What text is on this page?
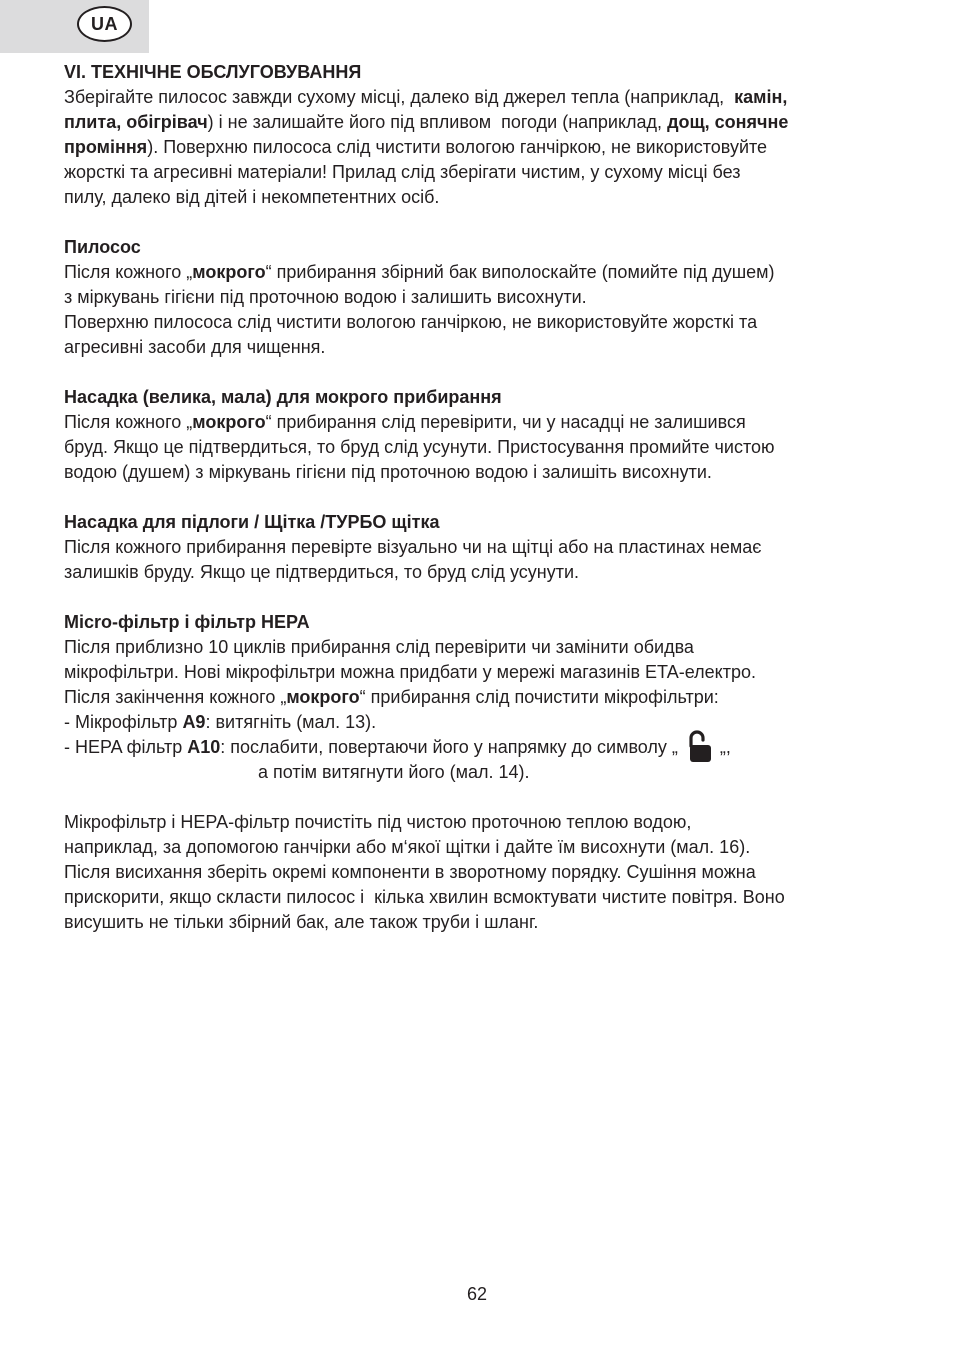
UA
VI. ТЕХНІЧНЕ ОБСЛУГОВУВАННЯ
Зберігайте пилосос завжди сухому місці, далеко від джерел тепла (наприклад,  камін,
плита, обігрівач) і не залишайте його під впливом  погоди (наприклад, дощ, сонячне
проміння). Поверхню пилососа слід чистити вологою ганчіркою, не використовуйте
жорсткі та агресивні матеріали! Прилад слід зберігати чистим, у сухому місці без
пилу, далеко від дітей і некомпетентних осіб.
Пилосос
Після кожного „мокрого“ прибирання збірний бак виполоскайте (помийте під душем)
з міркувань гігієни під проточною водою і залишить висохнути.
Поверхню пилососа слід чистити вологою ганчіркою, не використовуйте жорсткі та
агресивні засоби для чищення.
Насадка (велика, мала) для мокрого прибирання
Після кожного „мокрого“ прибирання слід перевірити, чи у насадці не залишився
бруд. Якщо це підтвердиться, то бруд слід усунути. Пристосування промийте чистою
водою (душем) з міркувань гігієни під проточною водою і залишіть висохнути.
Насадка для підлоги / Щітка /ТУРБО щітка
Після кожного прибирання перевірте візуально чи на щітці або на пластинах немає
залишків бруду. Якщо це підтвердиться, то бруд слід усунути.
Micro-фільтр і фільтр HEPA
Після приблизно 10 циклів прибирання слід перевірити чи замінити обидва
мікрофільтри. Нові мікрофільтри можна придбати у мережі магазинів ETA-електро.
Після закінчення кожного „мокрого“ прибирання слід почистити мікрофільтри:
- Мікрофільтр A9: витягніть (мал. 13).
- HEPA фільтр A10: послабити, повертаючи його у напрямку до символу „
„,
а потім витягнути його (мал. 14).
Мікрофільтр і HEPA-фільтр почистіть під чистою проточною теплою водою,
наприклад, за допомогою ганчірки або м‘якої щітки і дайте їм висохнути (мал. 16).
Після висихання зберіть окремі компоненти в зворотному порядку. Сушіння можна
прискорити, якщо скласти пилосос і  кілька хвилин всмоктувати чистите повітря. Воно
висушить не тільки збірний бак, але також труби і шланг.
62
